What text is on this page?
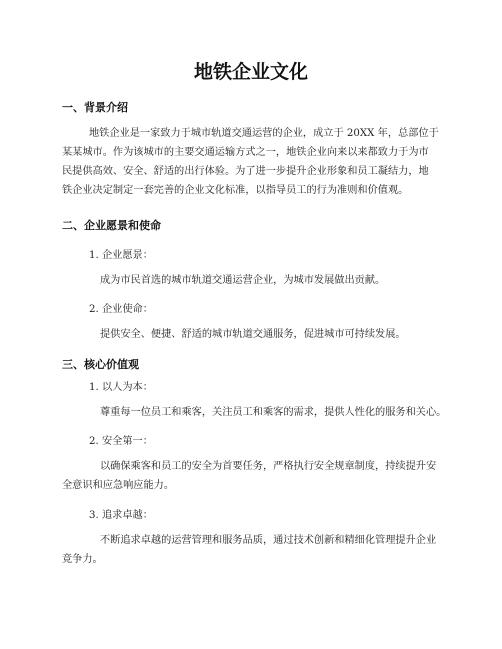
地铁企业文化
一、背景介绍
地铁企业是一家致力于城市轨道交通运营的企业，成立于 20XX 年，总部位于
某某城市。作为该城市的主要交通运输方式之一，地铁企业向来以来都致力于为市
民提供高效、安全、舒适的出行体验。为了进一步提升企业形象和员工凝结力，地
铁企业决定制定一套完善的企业文化标准，以指导员工的行为准则和价值观。
二、企业愿景和使命
1. 企业愿景：
成为市民首选的城市轨道交通运营企业，为城市发展做出贡献。
2. 企业使命：
提供安全、便捷、舒适的城市轨道交通服务，促进城市可持续发展。
三、核心价值观
1. 以人为本：
尊重每一位员工和乘客，关注员工和乘客的需求，提供人性化的服务和关心。
2. 安全第一：
以确保乘客和员工的安全为首要任务，严格执行安全规章制度，持续提升安
全意识和应急响应能力。
3. 追求卓越：
不断追求卓越的运营管理和服务品质，通过技术创新和精细化管理提升企业
竞争力。
